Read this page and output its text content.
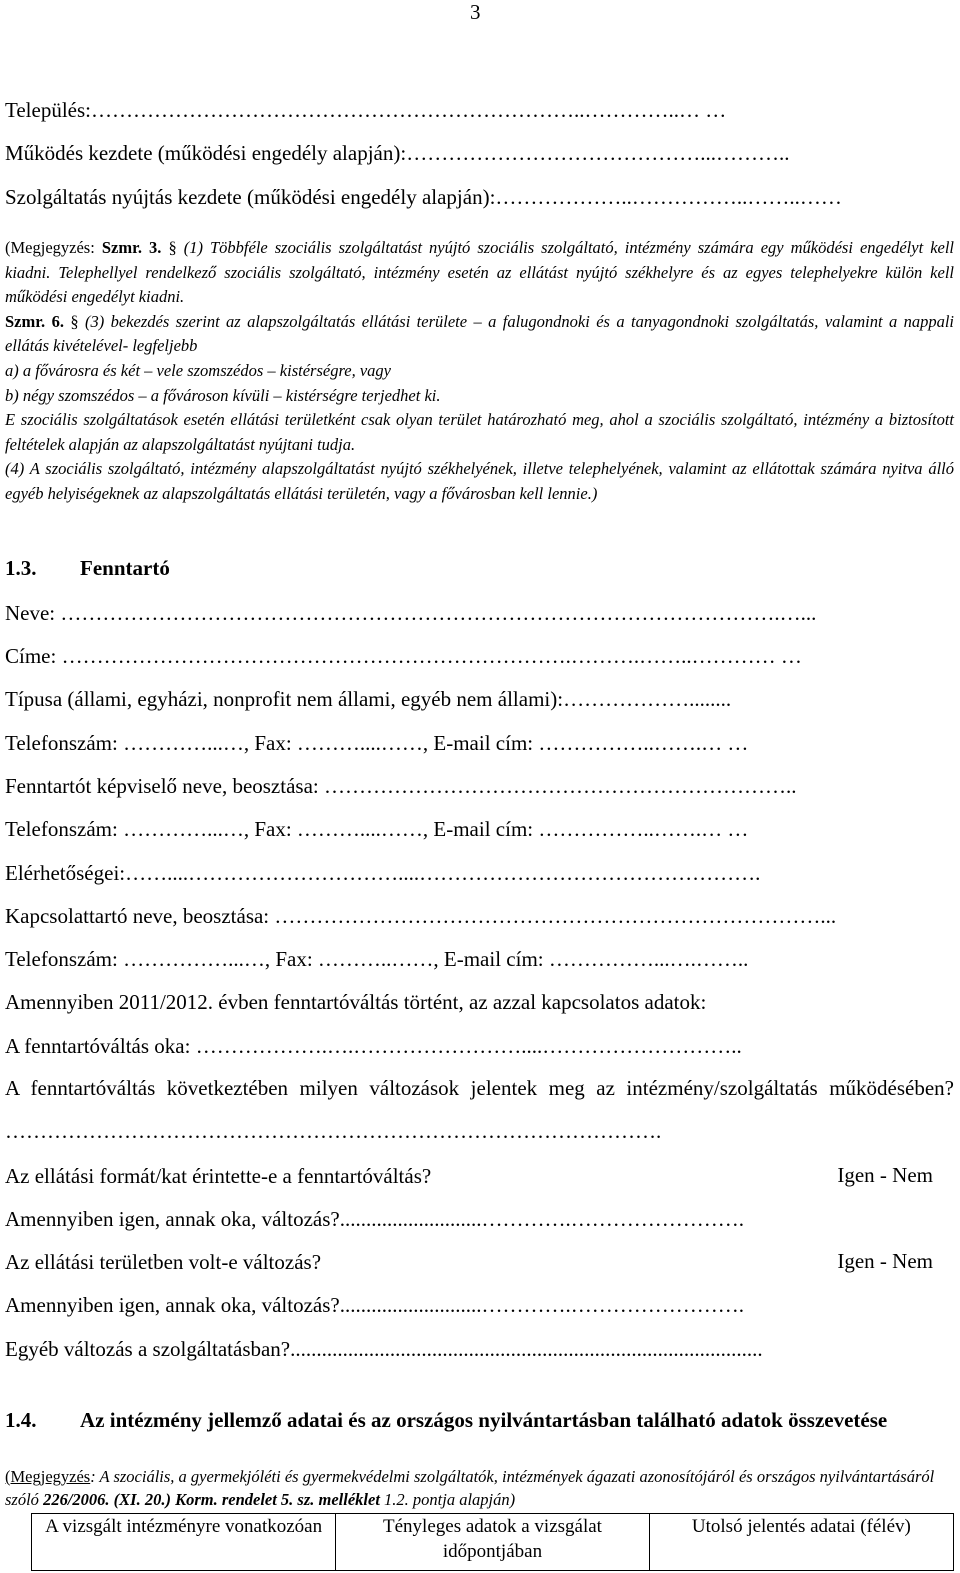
3
Település:……………………………………………………………..…………..… …
Működés kezdete (működési engedély alapján):……………………………………...………..
Szolgáltatás nyújtás kezdete (működési engedély alapján):………………..……………..……..……
(Megjegyzés: Szmr. 3. § (1) Többféle szociális szolgáltatást nyújtó szociális szolgáltató, intézmény számára egy működési engedélyt kell kiadni. Telephellyel rendelkező szociális szolgáltató, intézmény esetén az ellátást nyújtó székhelyre és az egyes telephelyekre külön kell működési engedélyt kiadni.
Szmr. 6. § (3) bekezdés szerint az alapszolgáltatás ellátási területe – a falugondnoki és a tanyagondnoki szolgáltatás, valamint a nappali ellátás kivételével- legfeljebb
a) a fővárosra és két – vele szomszédos – kistérségre, vagy
b) négy szomszédos – a fővároson kívüli – kistérségre terjedhet ki.
E szociális szolgáltatások esetén ellátási területként csak olyan terület határozható meg, ahol a szociális szolgáltató, intézmény a biztosított feltételek alapján az alapszolgáltatást nyújtani tudja.
(4) A szociális szolgáltató, intézmény alapszolgáltatást nyújtó székhelyének, illetve telephelyének, valamint az ellátottak számára nyitva álló egyéb helyiségeknek az alapszolgáltatás ellátási területén, vagy a fővárosban kell lennie.)
1.3. Fenntartó
Neve: ………………………………………………………………………………………….…...
Címe: ……………………………………………………………….……….……..………… …
Típusa (állami, egyházi, nonprofit nem állami, egyéb nem állami):………………........
Telefonszám: …………...…, Fax: ………....……, E-mail cím: ……………..…….… …
Fenntartót képviselő neve, beosztása: …………………………………………………………..
Telefonszám: …………...…, Fax: ………....……, E-mail cím: ……………..…….… …
Elérhetőségei:……....…………………………....………………………………………….
Kapcsolattartó neve, beosztása: ……………………………………………………………………...
Telefonszám: ……………...…, Fax: ………..……, E-mail cím: ……………...….……..
Amennyiben 2011/2012. évben fenntartóváltás történt, az azzal kapcsolatos adatok:
A fenntartóváltás oka: ……………….….……………………....………………………..
A fenntartóváltás következtében milyen változások jelentek meg az intézmény/szolgáltatás működésében? ………………………………………………………………………………….
Az ellátási formát/kat érintette-e a fenntartóváltás?	Igen - Nem
Amennyiben igen, annak oka, változás?...........................………….…………………….
Az ellátási területben volt-e változás?	Igen - Nem
Amennyiben igen, annak oka, változás?...........................………….…………………….
Egyéb változás a szolgáltatásban?..........................................................................................
1.4. Az intézmény jellemző adatai és az országos nyilvántartásban található adatok összevetése
(Megjegyzés: A szociális, a gyermekjóléti és gyermekvédelmi szolgáltatók, intézmények ágazati azonosítójáról és országos nyilvántartásáról szóló 226/2006. (XI. 20.) Korm. rendelet 5. sz. melléklet 1.2. pontja alapján)
A vizsgált intézményre vonatkozóan	Tényleges adatok a vizsgálat időpontjában	Utolsó jelentés adatai (félév)
